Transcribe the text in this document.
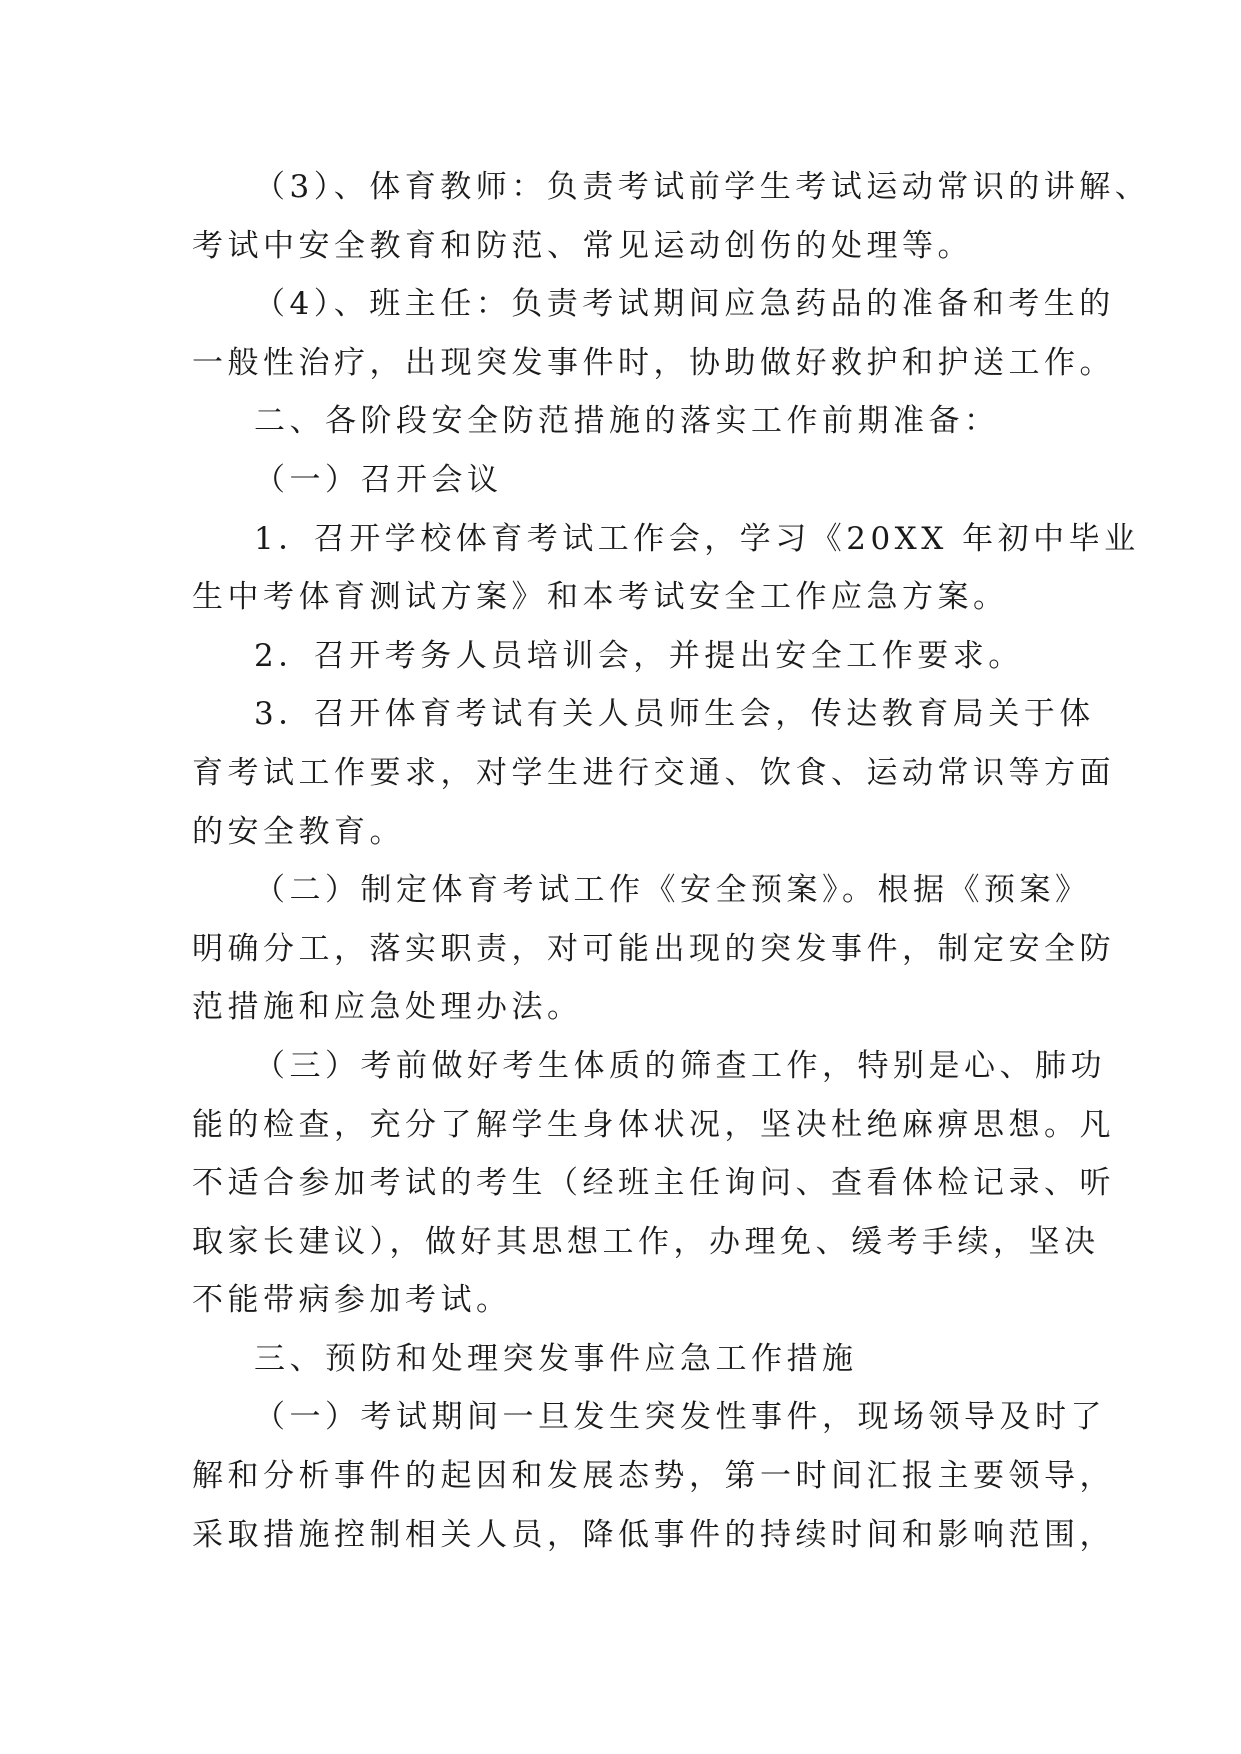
（3）、体育教师：负责考试前学生考试运动常识的讲解、
考试中安全教育和防范、常见运动创伤的处理等。

（4）、班主任：负责考试期间应急药品的准备和考生的
一般性治疗，出现突发事件时，协助做好救护和护送工作。

二、各阶段安全防范措施的落实工作前期准备：

（一）召开会议

1．召开学校体育考试工作会，学习《20XX 年初中毕业
生中考体育测试方案》和本考试安全工作应急方案。

2．召开考务人员培训会，并提出安全工作要求。

3．召开体育考试有关人员师生会，传达教育局关于体
育考试工作要求，对学生进行交通、饮食、运动常识等方面
的安全教育。

（二）制定体育考试工作《安全预案》。根据《预案》
明确分工，落实职责，对可能出现的突发事件，制定安全防
范措施和应急处理办法。

（三）考前做好考生体质的筛查工作，特别是心、肺功
能的检查，充分了解学生身体状况，坚决杜绝麻痹思想。凡
不适合参加考试的考生（经班主任询问、查看体检记录、听
取家长建议），做好其思想工作，办理免、缓考手续，坚决
不能带病参加考试。

三、预防和处理突发事件应急工作措施

（一）考试期间一旦发生突发性事件，现场领导及时了
解和分析事件的起因和发展态势，第一时间汇报主要领导，
采取措施控制相关人员，降低事件的持续时间和影响范围，
